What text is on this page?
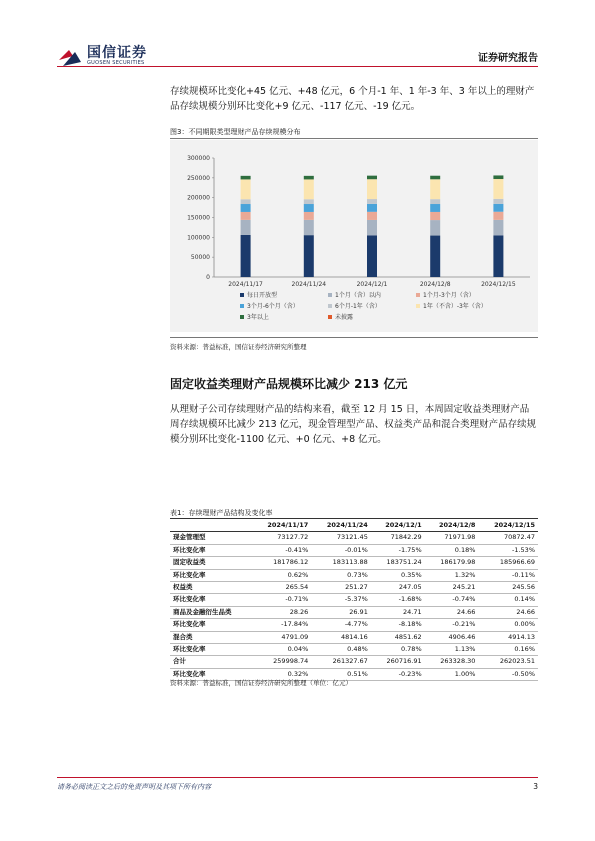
国信证券
GUOSEN SECURITIES	证券研究报告
存续规模环比变化+45 亿元、+48 亿元，6 个月-1 年、1 年-3 年、3 年以上的理财产品存续规模分别环比变化+9 亿元、-117 亿元、-19 亿元。
图3：不同期限类型理财产品存续规模分布
0
50000
100000
150000
200000
250000
300000
2024/11/17	2024/11/24	2024/12/1	2024/12/8	2024/12/15
每日开放型	1个月（含）以内	1个月-3个月（含）
3个月-6个月（含）	6个月-1年（含）	1年（不含）-3年（含）
3年以上	未披露
资料来源：普益标准，国信证券经济研究所整理
固定收益类理财产品规模环比减少 213 亿元
从理财子公司存续理财产品的结构来看，截至 12 月 15 日，本周固定收益类理财产品周存续规模环比减少 213 亿元，现金管理型产品、权益类产品和混合类理财产品存续规模分别环比变化-1100 亿元、+0 亿元、+8 亿元。
表1：存续理财产品结构及变化率
	2024/11/17	2024/11/24	2024/12/1	2024/12/8	2024/12/15
现金管理型	73127.72	73121.45	71842.29	71971.98	70872.47
环比变化率	-0.41%	-0.01%	-1.75%	0.18%	-1.53%
固定收益类	181786.12	183113.88	183751.24	186179.98	185966.69
环比变化率	0.62%	0.73%	0.35%	1.32%	-0.11%
权益类	265.54	251.27	247.05	245.21	245.56
环比变化率	-0.71%	-5.37%	-1.68%	-0.74%	0.14%
商品及金融衍生品类	28.26	26.91	24.71	24.66	24.66
环比变化率	-17.84%	-4.77%	-8.18%	-0.21%	0.00%
混合类	4791.09	4814.16	4851.62	4906.46	4914.13
环比变化率	0.04%	0.48%	0.78%	1.13%	0.16%
合计	259998.74	261327.67	260716.91	263328.30	262023.51
环比变化率	0.32%	0.51%	-0.23%	1.00%	-0.50%
资料来源：普益标准，国信证券经济研究所整理（单位：亿元）
请务必阅读正文之后的免责声明及其项下所有内容	3
